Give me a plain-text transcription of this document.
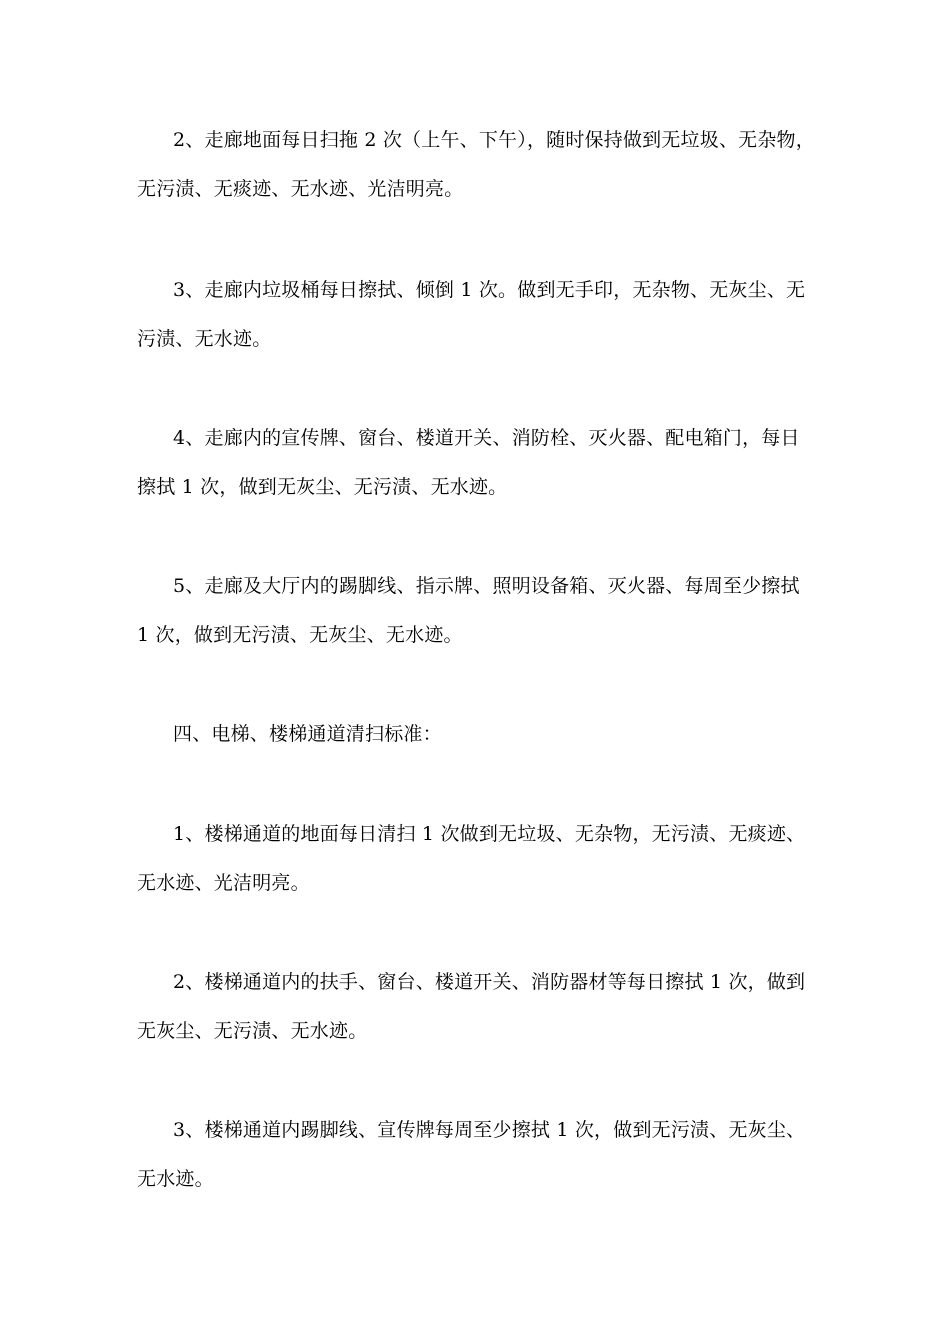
2、走廊地面每日扫拖 2 次（上午、下午），随时保持做到无垃圾、无杂物，无污渍、无痰迹、无水迹、光洁明亮。

3、走廊内垃圾桶每日擦拭、倾倒 1 次。做到无手印，无杂物、无灰尘、无污渍、无水迹。

4、走廊内的宣传牌、窗台、楼道开关、消防栓、灭火器、配电箱门，每日擦拭 1 次，做到无灰尘、无污渍、无水迹。

5、走廊及大厅内的踢脚线、指示牌、照明设备箱、灭火器、每周至少擦拭 1 次，做到无污渍、无灰尘、无水迹。

四、电梯、楼梯通道清扫标准：

1、楼梯通道的地面每日清扫 1 次做到无垃圾、无杂物，无污渍、无痰迹、无水迹、光洁明亮。

2、楼梯通道内的扶手、窗台、楼道开关、消防器材等每日擦拭 1 次，做到无灰尘、无污渍、无水迹。

3、楼梯通道内踢脚线、宣传牌每周至少擦拭 1 次，做到无污渍、无灰尘、无水迹。
